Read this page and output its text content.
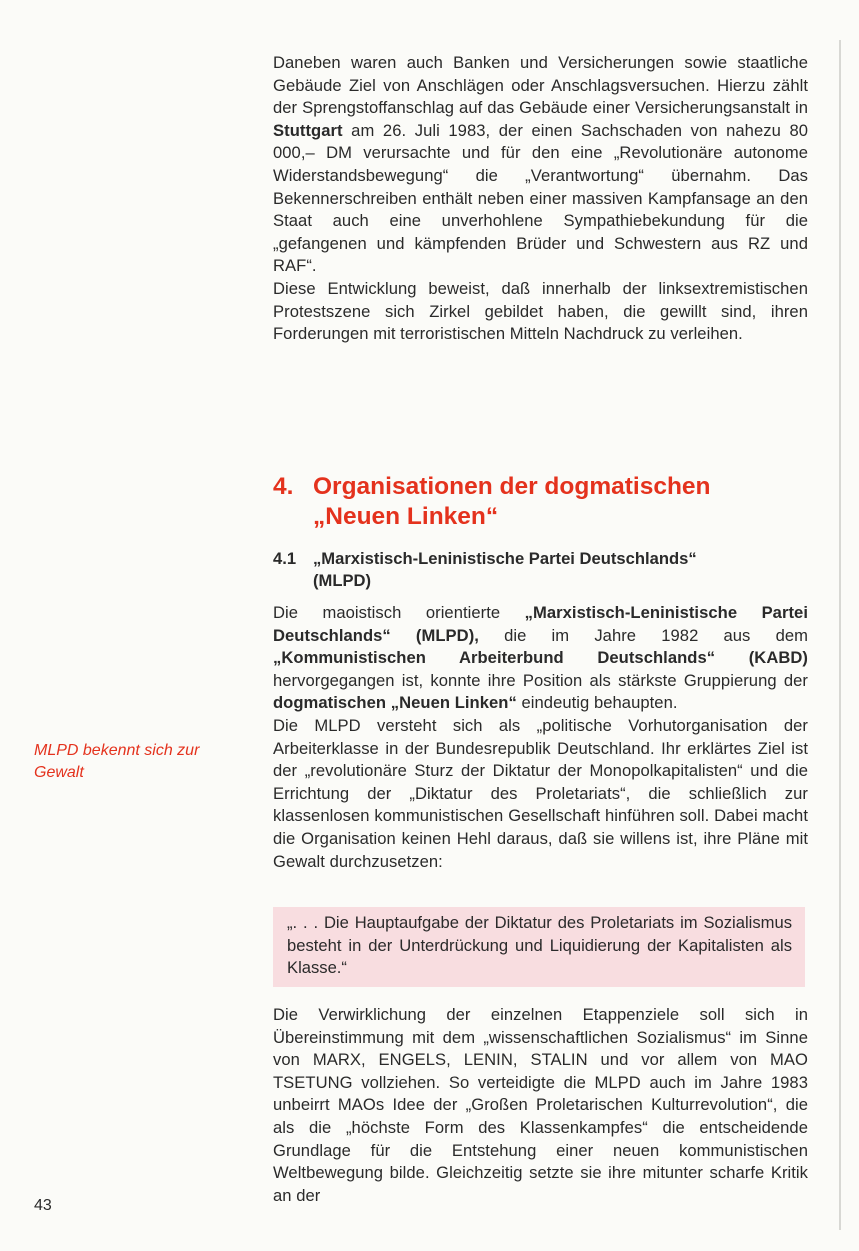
Daneben waren auch Banken und Versicherungen sowie staatliche Gebäude Ziel von Anschlägen oder Anschlagsversuchen. Hierzu zählt der Sprengstoffanschlag auf das Gebäude einer Versicherungsanstalt in Stuttgart am 26. Juli 1983, der einen Sachschaden von nahezu 80 000,– DM verursachte und für den eine „Revolutionäre autonome Widerstandsbewegung“ die „Verantwortung“ übernahm. Das Bekennerschreiben enthält neben einer massiven Kampfansage an den Staat auch eine unverhohlene Sympathiebekundung für die „gefangenen und kämpfenden Brüder und Schwestern aus RZ und RAF“.

Diese Entwicklung beweist, daß innerhalb der linksextremistischen Protestszene sich Zirkel gebildet haben, die gewillt sind, ihren Forderungen mit terroristischen Mitteln Nachdruck zu verleihen.

4. Organisationen der dogmatischen
„Neuen Linken“
4.1 „Marxistisch-Leninistische Partei Deutschlands“
(MLPD)

Die maoistisch orientierte „Marxistisch-Leninistische Partei Deutschlands“ (MLPD), die im Jahre 1982 aus dem „Kommunistischen Arbeiterbund Deutschlands“ (KABD) hervorgegangen ist, konnte ihre Position als stärkste Gruppierung der dogmatischen „Neuen Linken“ eindeutig behaupten.

Die MLPD versteht sich als „politische Vorhutorganisation der Arbeiterklasse in der Bundesrepublik Deutschland. Ihr erklärtes Ziel ist der „revolutionäre Sturz der Diktatur der Monopolkapitalisten“ und die Errichtung der „Diktatur des Proletariats“, die schließlich zur klassenlosen kommunistischen Gesellschaft hinführen soll. Dabei macht die Organisation keinen Hehl daraus, daß sie willens ist, ihre Pläne mit Gewalt durchzusetzen:

„. . . Die Hauptaufgabe der Diktatur des Proletariats im Sozialismus besteht in der Unterdrückung und Liquidierung der Kapitalisten als Klasse.“

Die Verwirklichung der einzelnen Etappenziele soll sich in Übereinstimmung mit dem „wissenschaftlichen Sozialismus“ im Sinne von MARX, ENGELS, LENIN, STALIN und vor allem von MAO TSETUNG vollziehen. So verteidigte die MLPD auch im Jahre 1983 unbeirrt MAOs Idee der „Großen Proletarischen Kulturrevolution“, die als die „höchste Form des Klassenkampfes“ die entscheidende Grundlage für die Entstehung einer neuen kommunistischen Weltbewegung bilde. Gleichzeitig setzte sie ihre mitunter scharfe Kritik an der

MLPD bekennt sich zur Gewalt
43
